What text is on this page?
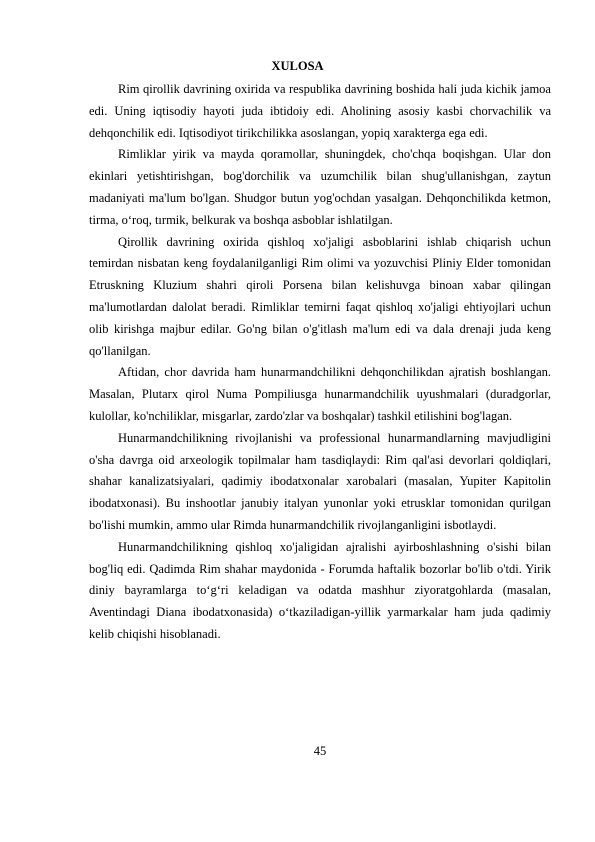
XULOSA

Rim qirollik davrining oxirida va respublika davrining boshida hali juda kichik jamoa edi. Uning iqtisodiy hayoti juda ibtidoiy edi. Aholining asosiy kasbi chorvachilik va dehqonchilik edi. Iqtisodiyot tirikchilikka asoslangan, yopiq xarakterga ega edi.

Rimliklar yirik va mayda qoramollar, shuningdek, cho'chqa boqishgan. Ular don ekinlari yetishtirishgan, bog'dorchilik va uzumchilik bilan shug'ullanishgan, zaytun madaniyati ma'lum bo'lgan. Shudgor butun yog'ochdan yasalgan. Dehqonchilikda ketmon, tirma, o‘roq, tırmik, belkurak va boshqa asboblar ishlatilgan.

Qirollik davrining oxirida qishloq xo'jaligi asboblarini ishlab chiqarish uchun temirdan nisbatan keng foydalanilganligi Rim olimi va yozuvchisi Pliniy Elder tomonidan Etruskning Kluzium shahri qiroli Porsena bilan kelishuvga binoan xabar qilingan ma'lumotlardan dalolat beradi. Rimliklar temirni faqat qishloq xo'jaligi ehtiyojlari uchun olib kirishga majbur edilar. Go'ng bilan o'g'itlash ma'lum edi va dala drenaji juda keng qo'llanilgan.

Aftidan, chor davrida ham hunarmandchilikni dehqonchilikdan ajratish boshlangan. Masalan, Plutarx qirol Numa Pompiliusga hunarmandchilik uyushmalari (duradgorlar, kulollar, ko'nchiliklar, misgarlar, zardo'zlar va boshqalar) tashkil etilishini bog'lagan.

Hunarmandchilikning rivojlanishi va professional hunarmandlarning mavjudligini o'sha davrga oid arxeologik topilmalar ham tasdiqlaydi: Rim qal'asi devorlari qoldiqlari, shahar kanalizatsiyalari, qadimiy ibodatxonalar xarobalari (masalan, Yupiter Kapitolin ibodatxonasi). Bu inshootlar janubiy italyan yunonlar yoki etrusklar tomonidan qurilgan bo'lishi mumkin, ammo ular Rimda hunarmandchilik rivojlanganligini isbotlaydi.

Hunarmandchilikning qishloq xo'jaligidan ajralishi ayirboshlashning o'sishi bilan bog'liq edi. Qadimda Rim shahar maydonida - Forumda haftalik bozorlar bo'lib o'tdi. Yirik diniy bayramlarga to‘g‘ri keladigan va odatda mashhur ziyoratgohlarda (masalan, Aventindagi Diana ibodatxonasida) o‘tkaziladigan-yillik yarmarkalar ham juda qadimiy kelib chiqishi hisoblanadi.

45
